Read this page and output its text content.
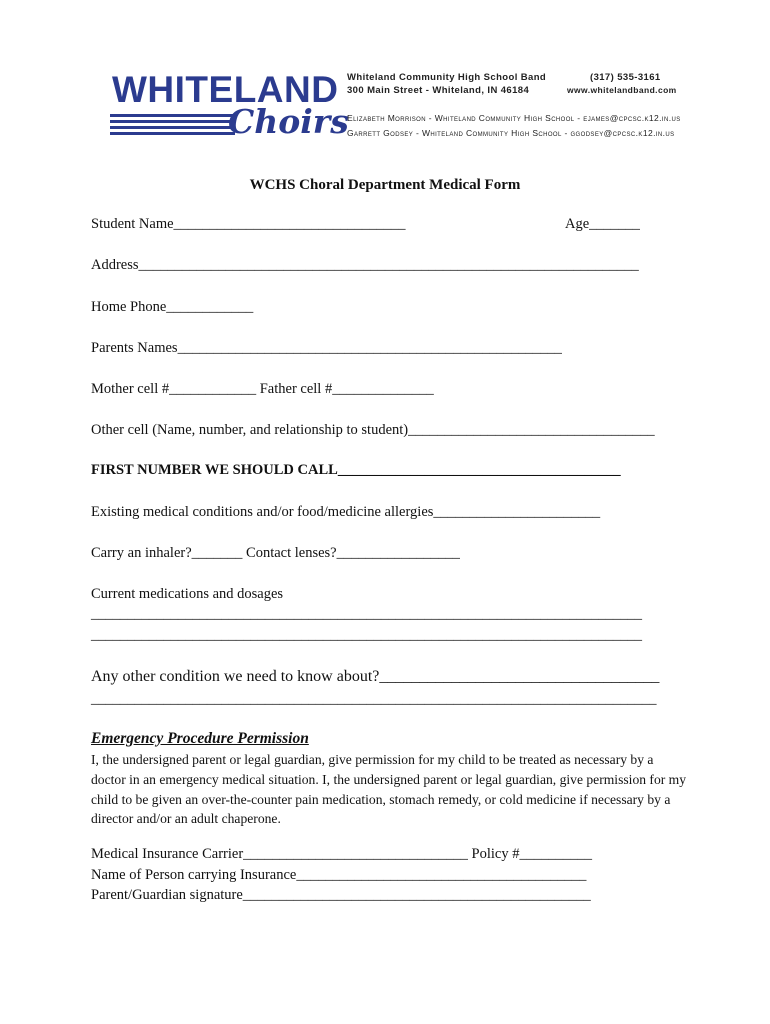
WHITELAND
Choirs
Whiteland Community High School Band	(317) 535-3161
300 Main Street - Whiteland, IN 46184	www.whitelandband.com
Elizabeth Morrison - Whiteland Community High School - ejames@cpcsc.k12.in.us
Garrett Godsey - Whiteland Community High School - ggodsey@cpcsc.k12.in.us
WCHS Choral Department Medical Form
Student Name________________________________	Age_______
Address_____________________________________________________________________
Home Phone____________
Parents Names_____________________________________________________
Mother cell #____________ Father cell #______________
Other cell (Name, number, and relationship to student)__________________________________
FIRST NUMBER WE SHOULD CALL_______________________________________
Existing medical conditions and/or food/medicine allergies_______________________
Carry an inhaler?_______ Contact lenses?_________________
Current medications and dosages
____________________________________________________________________________
____________________________________________________________________________
Any other condition we need to know about?___________________________________
______________________________________________________________________________
Emergency Procedure Permission
I, the undersigned parent or legal guardian, give permission for my child to be treated as necessary by a doctor in an emergency medical situation. I, the undersigned parent or legal guardian, give permission for my child to be given an over-the-counter pain medication, stomach remedy, or cold medicine if necessary by a director and/or an adult chaperone.
Medical Insurance Carrier_______________________________ Policy #__________
Name of Person carrying Insurance________________________________________
Parent/Guardian signature________________________________________________
